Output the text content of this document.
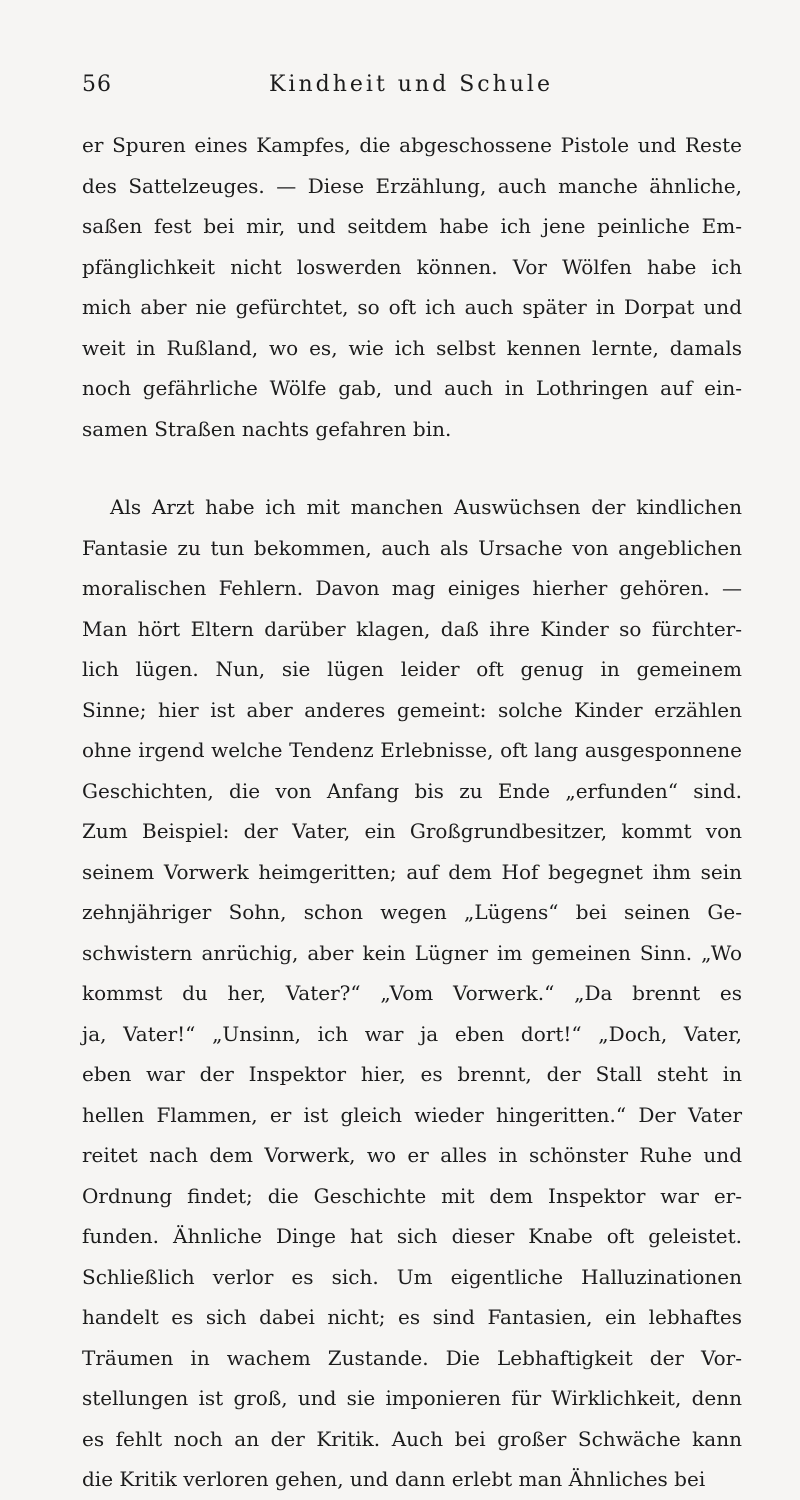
56	Kindheit und Schule
er Spuren eines Kampfes, die abgeschossene Pistole und Reste
des Sattelzeuges. — Diese Erzählung, auch manche ähnliche,
saßen fest bei mir, und seitdem habe ich jene peinliche Em-
pfänglichkeit nicht loswerden können. Vor Wölfen habe ich
mich aber nie gefürchtet, so oft ich auch später in Dorpat und
weit in Rußland, wo es, wie ich selbst kennen lernte, damals
noch gefährliche Wölfe gab, und auch in Lothringen auf ein-
samen Straßen nachts gefahren bin.
Als Arzt habe ich mit manchen Auswüchsen der kindlichen
Fantasie zu tun bekommen, auch als Ursache von angeblichen
moralischen Fehlern. Davon mag einiges hierher gehören. —
Man hört Eltern darüber klagen, daß ihre Kinder so fürchter-
lich lügen. Nun, sie lügen leider oft genug in gemeinem
Sinne; hier ist aber anderes gemeint: solche Kinder erzählen
ohne irgend welche Tendenz Erlebnisse, oft lang ausgesponnene
Geschichten, die von Anfang bis zu Ende „erfunden“ sind.
Zum Beispiel: der Vater, ein Großgrundbesitzer, kommt von
seinem Vorwerk heimgeritten; auf dem Hof begegnet ihm sein
zehnjähriger Sohn, schon wegen „Lügens“ bei seinen Ge-
schwistern anrüchig, aber kein Lügner im gemeinen Sinn. „Wo
kommst du her, Vater?“ „Vom Vorwerk.“ „Da brennt es
ja, Vater!“ „Unsinn, ich war ja eben dort!“ „Doch, Vater,
eben war der Inspektor hier, es brennt, der Stall steht in
hellen Flammen, er ist gleich wieder hingeritten.“ Der Vater
reitet nach dem Vorwerk, wo er alles in schönster Ruhe und
Ordnung findet; die Geschichte mit dem Inspektor war er-
funden. Ähnliche Dinge hat sich dieser Knabe oft geleistet.
Schließlich verlor es sich. Um eigentliche Halluzinationen
handelt es sich dabei nicht; es sind Fantasien, ein lebhaftes
Träumen in wachem Zustande. Die Lebhaftigkeit der Vor-
stellungen ist groß, und sie imponieren für Wirklichkeit, denn
es fehlt noch an der Kritik. Auch bei großer Schwäche kann
die Kritik verloren gehen, und dann erlebt man Ähnliches bei
